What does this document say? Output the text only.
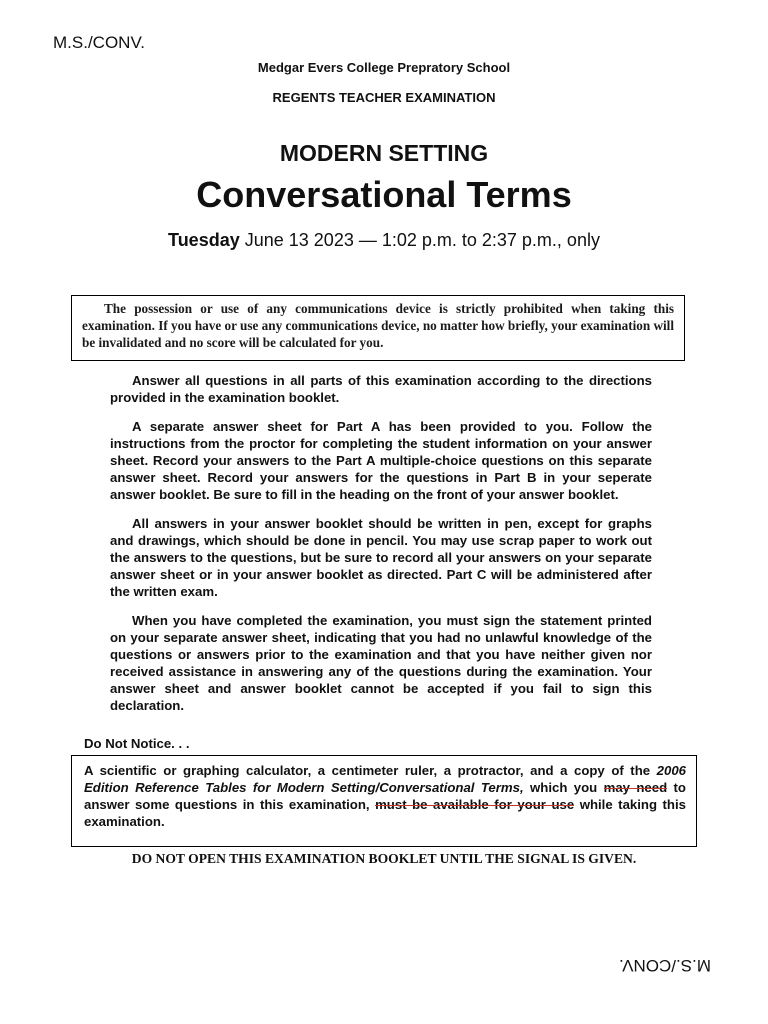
M.S./CONV.
Medgar Evers College Prepratory School
REGENTS TEACHER EXAMINATION
MODERN SETTING
Conversational Terms
Tuesday June 13 2023 — 1:02 p.m. to 2:37 p.m., only
The possession or use of any communications device is strictly prohibited when taking this examination. If you have or use any communications device, no matter how briefly, your examination will be invalidated and no score will be calculated for you.

Answer all questions in all parts of this examination according to the directions provided in the examination booklet.

A separate answer sheet for Part A has been provided to you. Follow the instructions from the proctor for completing the student information on your answer sheet. Record your answers to the Part A multiple-choice questions on this separate answer sheet. Record your answers for the questions in Part B in your seperate answer booklet. Be sure to fill in the heading on the front of your answer booklet.

All answers in your answer booklet should be written in pen, except for graphs and drawings, which should be done in pencil. You may use scrap paper to work out the answers to the questions, but be sure to record all your answers on your separate answer sheet or in your answer booklet as directed. Part C will be administered after the written exam.

When you have completed the examination, you must sign the statement printed on your separate answer sheet, indicating that you had no unlawful knowledge of the questions or answers prior to the examination and that you have neither given nor received assistance in answering any of the questions during the examination. Your answer sheet and answer booklet cannot be accepted if you fail to sign this declaration.

Do Not Notice. . .
A scientific or graphing calculator, a centimeter ruler, a protractor, and a copy of the 2006 Edition Reference Tables for Modern Setting/Conversational Terms, which you may need to answer some questions in this examination, must be available for your use while taking this examination.
DO NOT OPEN THIS EXAMINATION BOOKLET UNTIL THE SIGNAL IS GIVEN.
M.S./CONV.
